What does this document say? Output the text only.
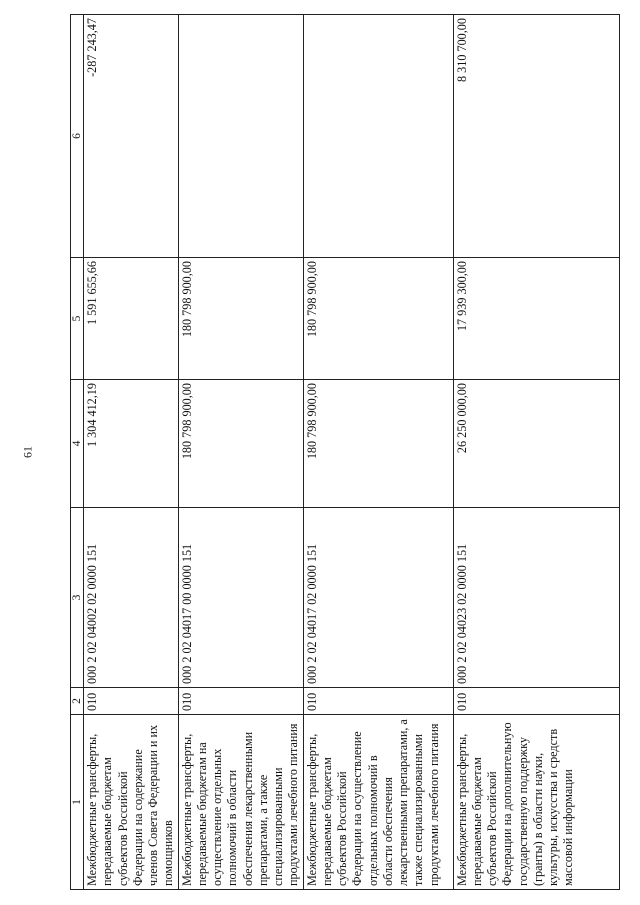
61
1	2	3	4	5	6
Межбюджетные трансферты, передаваемые бюджетам субъектов Российской Федерации на содержание членов Совета Федерации и их помощников	010	000 2 02 04002 02 0000 151	1 304 412,19	1 591 655,66	-287 243,47
Межбюджетные трансферты, передаваемые бюджетам на осуществление отдельных полномочий в области обеспечения лекарственными препаратами, а также специализированными продуктами лечебного питания	010	000 2 02 04017 00 0000 151	180 798 900,00	180 798 900,00	
Межбюджетные трансферты, передаваемые бюджетам субъектов Российской Федерации на осуществление отдельных полномочий в области обеспечения лекарственными препаратами, а также специализированными продуктами лечебного питания	010	000 2 02 04017 02 0000 151	180 798 900,00	180 798 900,00	
Межбюджетные трансферты, передаваемые бюджетам субъектов Российской Федерации на дополнительную государственную поддержку (гранты) в области науки, культуры, искусства и средств массовой информации	010	000 2 02 04023 02 0000 151	26 250 000,00	17 939 300,00	8 310 700,00
